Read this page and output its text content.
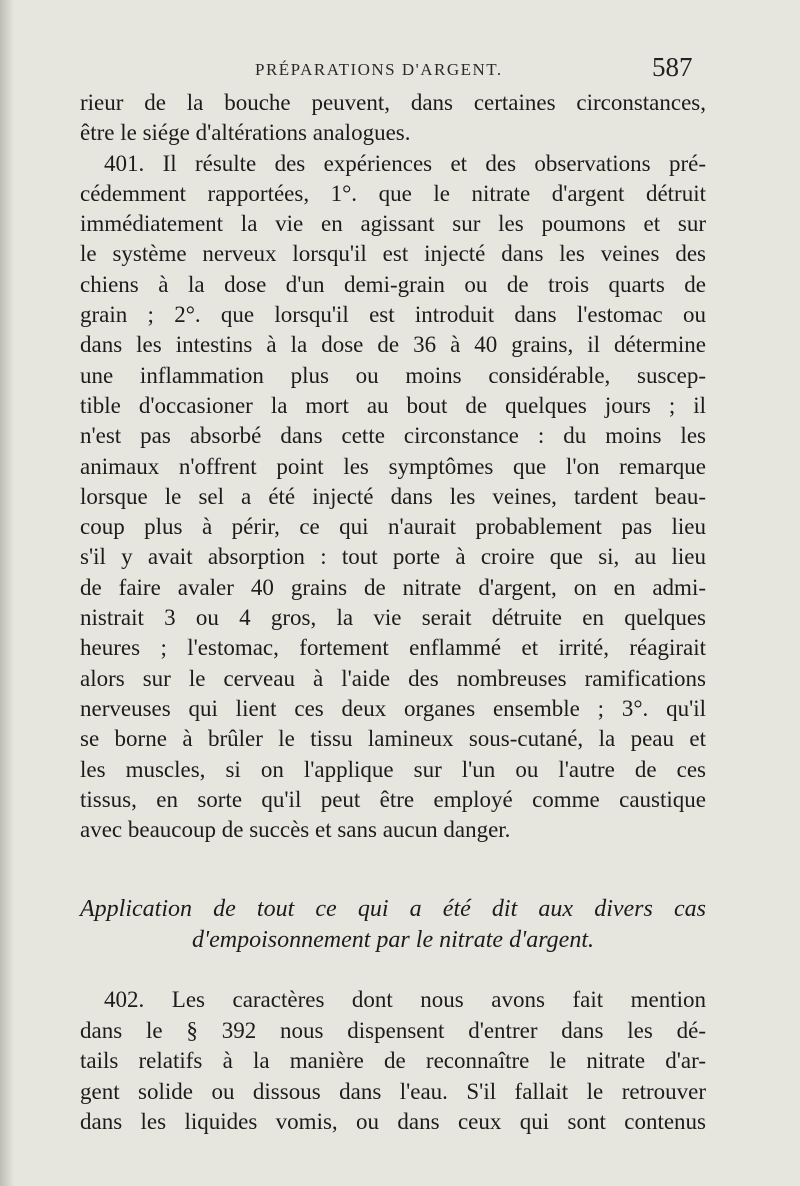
PRÉPARATIONS D'ARGENT.	587
rieur de la bouche peuvent, dans certaines circonstances,
être le siége d'altérations analogues.
401. Il résulte des expériences et des observations pré-
cédemment rapportées, 1°. que le nitrate d'argent détruit
immédiatement la vie en agissant sur les poumons et sur
le système nerveux lorsqu'il est injecté dans les veines des
chiens à la dose d'un demi-grain ou de trois quarts de
grain ; 2°. que lorsqu'il est introduit dans l'estomac ou
dans les intestins à la dose de 36 à 40 grains, il détermine
une inflammation plus ou moins considérable, suscep-
tible d'occasioner la mort au bout de quelques jours ; il
n'est pas absorbé dans cette circonstance : du moins les
animaux n'offrent point les symptômes que l'on remarque
lorsque le sel a été injecté dans les veines, tardent beau-
coup plus à périr, ce qui n'aurait probablement pas lieu
s'il y avait absorption : tout porte à croire que si, au lieu
de faire avaler 40 grains de nitrate d'argent, on en admi-
nistrait 3 ou 4 gros, la vie serait détruite en quelques
heures ; l'estomac, fortement enflammé et irrité, réagirait
alors sur le cerveau à l'aide des nombreuses ramifications
nerveuses qui lient ces deux organes ensemble ; 3°. qu'il
se borne à brûler le tissu lamineux sous-cutané, la peau et
les muscles, si on l'applique sur l'un ou l'autre de ces
tissus, en sorte qu'il peut être employé comme caustique
avec beaucoup de succès et sans aucun danger.
Application de tout ce qui a été dit aux divers cas
d'empoisonnement par le nitrate d'argent.
402. Les caractères dont nous avons fait mention
dans le § 392 nous dispensent d'entrer dans les dé-
tails relatifs à la manière de reconnaître le nitrate d'ar-
gent solide ou dissous dans l'eau. S'il fallait le retrouver
dans les liquides vomis, ou dans ceux qui sont contenus
